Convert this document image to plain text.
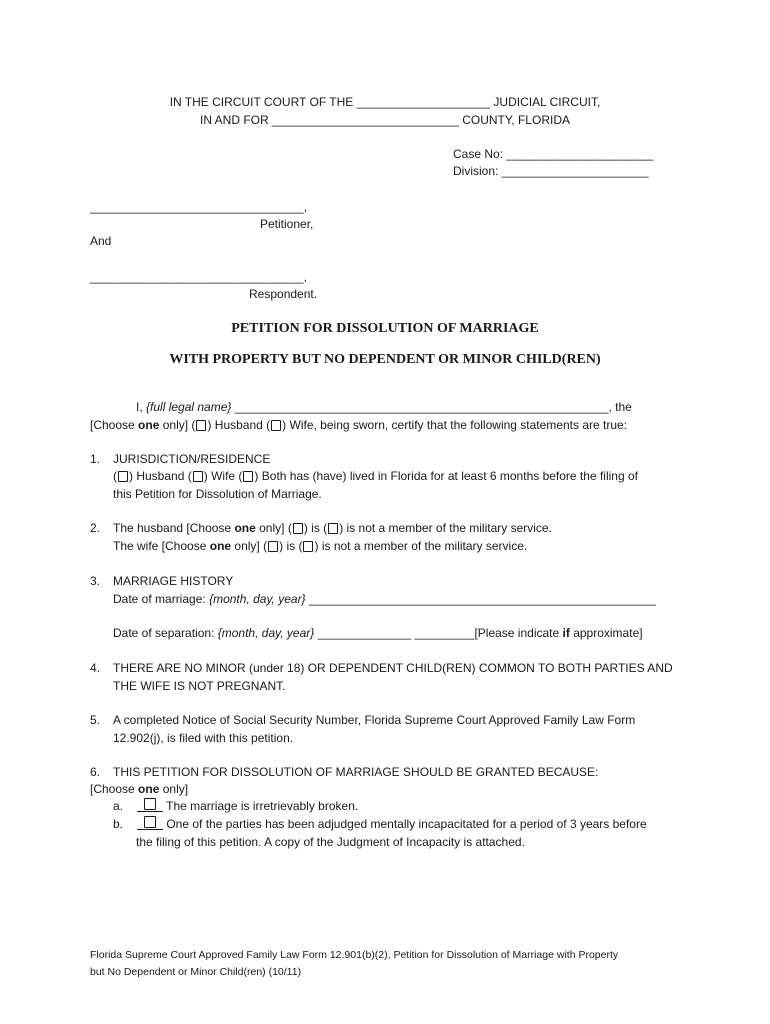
IN THE CIRCUIT COURT OF THE ____________________ JUDICIAL CIRCUIT,
IN AND FOR ____________________________ COUNTY, FLORIDA
Case No: ______________________
Division: ______________________
________________________________,
Petitioner,
And
________________________________,
Respondent.
PETITION FOR DISSOLUTION OF MARRIAGE
WITH PROPERTY BUT NO DEPENDENT OR MINOR CHILD(REN)
I, {full legal name} ________________________________________________________, the
[Choose one only] ( ) Husband ( ) Wife, being sworn, certify that the following statements are true:
1. JURISDICTION/RESIDENCE
( ) Husband ( ) Wife ( ) Both has (have) lived in Florida for at least 6 months before the filing of
this Petition for Dissolution of Marriage.
2. The husband [Choose one only] ( ) is ( ) is not a member of the military service.
The wife [Choose one only] ( ) is ( ) is not a member of the military service.
3. MARRIAGE HISTORY
Date of marriage: {month, day, year} ____________________________________________________
Date of separation: {month, day, year} ______________ _________[Please indicate if approximate]
4. THERE ARE NO MINOR (under 18) OR DEPENDENT CHILD(REN) COMMON TO BOTH PARTIES AND
THE WIFE IS NOT PREGNANT.
5. A completed Notice of Social Security Number, Florida Supreme Court Approved Family Law Form
12.902(j), is filed with this petition.
6. THIS PETITION FOR DISSOLUTION OF MARRIAGE SHOULD BE GRANTED BECAUSE:
[Choose one only]
a.	The marriage is irretrievably broken.
b.	One of the parties has been adjudged mentally incapacitated for a period of 3 years before
the filing of this petition. A copy of the Judgment of Incapacity is attached.
Florida Supreme Court Approved Family Law Form 12.901(b)(2), Petition for Dissolution of Marriage with Property
but No Dependent or Minor Child(ren) (10/11)
